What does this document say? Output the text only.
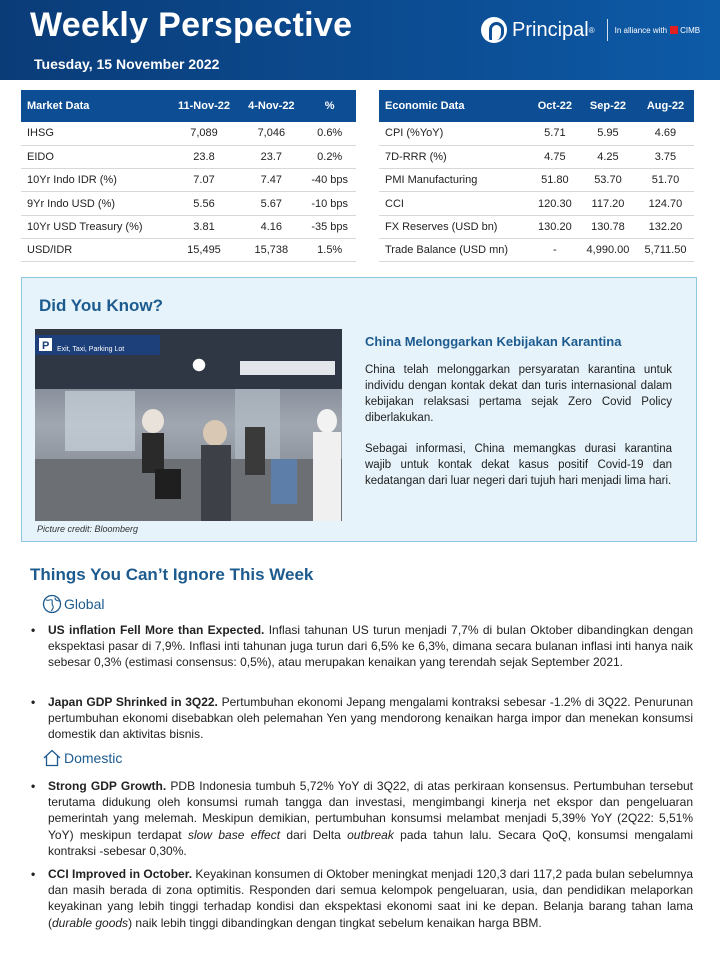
Weekly Perspective
Tuesday, 15 November 2022
Principal ®	In alliance with CIMB
Market Data	11-Nov-22	4-Nov-22	%
IHSG	7,089	7,046	0.6%
EIDO	23.8	23.7	0.2%
10Yr Indo IDR (%)	7.07	7.47	-40 bps
9Yr Indo USD (%)	5.56	5.67	-10 bps
10Yr USD Treasury (%)	3.81	4.16	-35 bps
USD/IDR	15,495	15,738	1.5%
Economic Data	Oct-22	Sep-22	Aug-22
CPI (%YoY)	5.71	5.95	4.69
7D-RRR (%)	4.75	4.25	3.75
PMI Manufacturing	51.80	53.70	51.70
CCI	120.30	117.20	124.70
FX Reserves (USD bn)	130.20	130.78	132.20
Trade Balance (USD mn)	-	4,990.00	5,711.50
Did You Know?
P Exit, Taxi, Parking Lot
Picture credit: Bloomberg
China Melonggarkan Kebijakan Karantina
China telah melonggarkan persyaratan karantina untuk individu dengan kontak dekat dan turis internasional dalam kebijakan relaksasi pertama sejak Zero Covid Policy diberlakukan.
Sebagai informasi, China memangkas durasi karantina wajib untuk kontak dekat kasus positif Covid-19 dan kedatangan dari luar negeri dari tujuh hari menjadi lima hari.
Things You Can’t Ignore This Week
Global
• US inflation Fell More than Expected. Inflasi tahunan US turun menjadi 7,7% di bulan Oktober dibandingkan dengan ekspektasi pasar di 7,9%. Inflasi inti tahunan juga turun dari 6,5% ke 6,3%, dimana secara bulanan inflasi inti hanya naik sebesar 0,3% (estimasi consensus: 0,5%), atau merupakan kenaikan yang terendah sejak September 2021.
• Japan GDP Shrinked in 3Q22. Pertumbuhan ekonomi Jepang mengalami kontraksi sebesar -1.2% di 3Q22. Penurunan pertumbuhan ekonomi disebabkan oleh pelemahan Yen yang mendorong kenaikan harga impor dan menekan konsumsi domestik dan aktivitas bisnis.
Domestic
• Strong GDP Growth. PDB Indonesia tumbuh 5,72% YoY di 3Q22, di atas perkiraan konsensus. Pertumbuhan tersebut terutama didukung oleh konsumsi rumah tangga dan investasi, mengimbangi kinerja net ekspor dan pengeluaran pemerintah yang melemah. Meskipun demikian, pertumbuhan konsumsi melambat menjadi 5,39% YoY (2Q22: 5,51% YoY) meskipun terdapat slow base effect dari Delta outbreak pada tahun lalu. Secara QoQ, konsumsi mengalami kontraksi -sebesar 0,30%.
• CCI Improved in October. Keyakinan konsumen di Oktober meningkat menjadi 120,3 dari 117,2 pada bulan sebelumnya dan masih berada di zona optimitis. Responden dari semua kelompok pengeluaran, usia, dan pendidikan melaporkan keyakinan yang lebih tinggi terhadap kondisi dan ekspektasi ekonomi saat ini ke depan. Belanja barang tahan lama (durable goods) naik lebih tinggi dibandingkan dengan tingkat sebelum kenaikan harga BBM.
